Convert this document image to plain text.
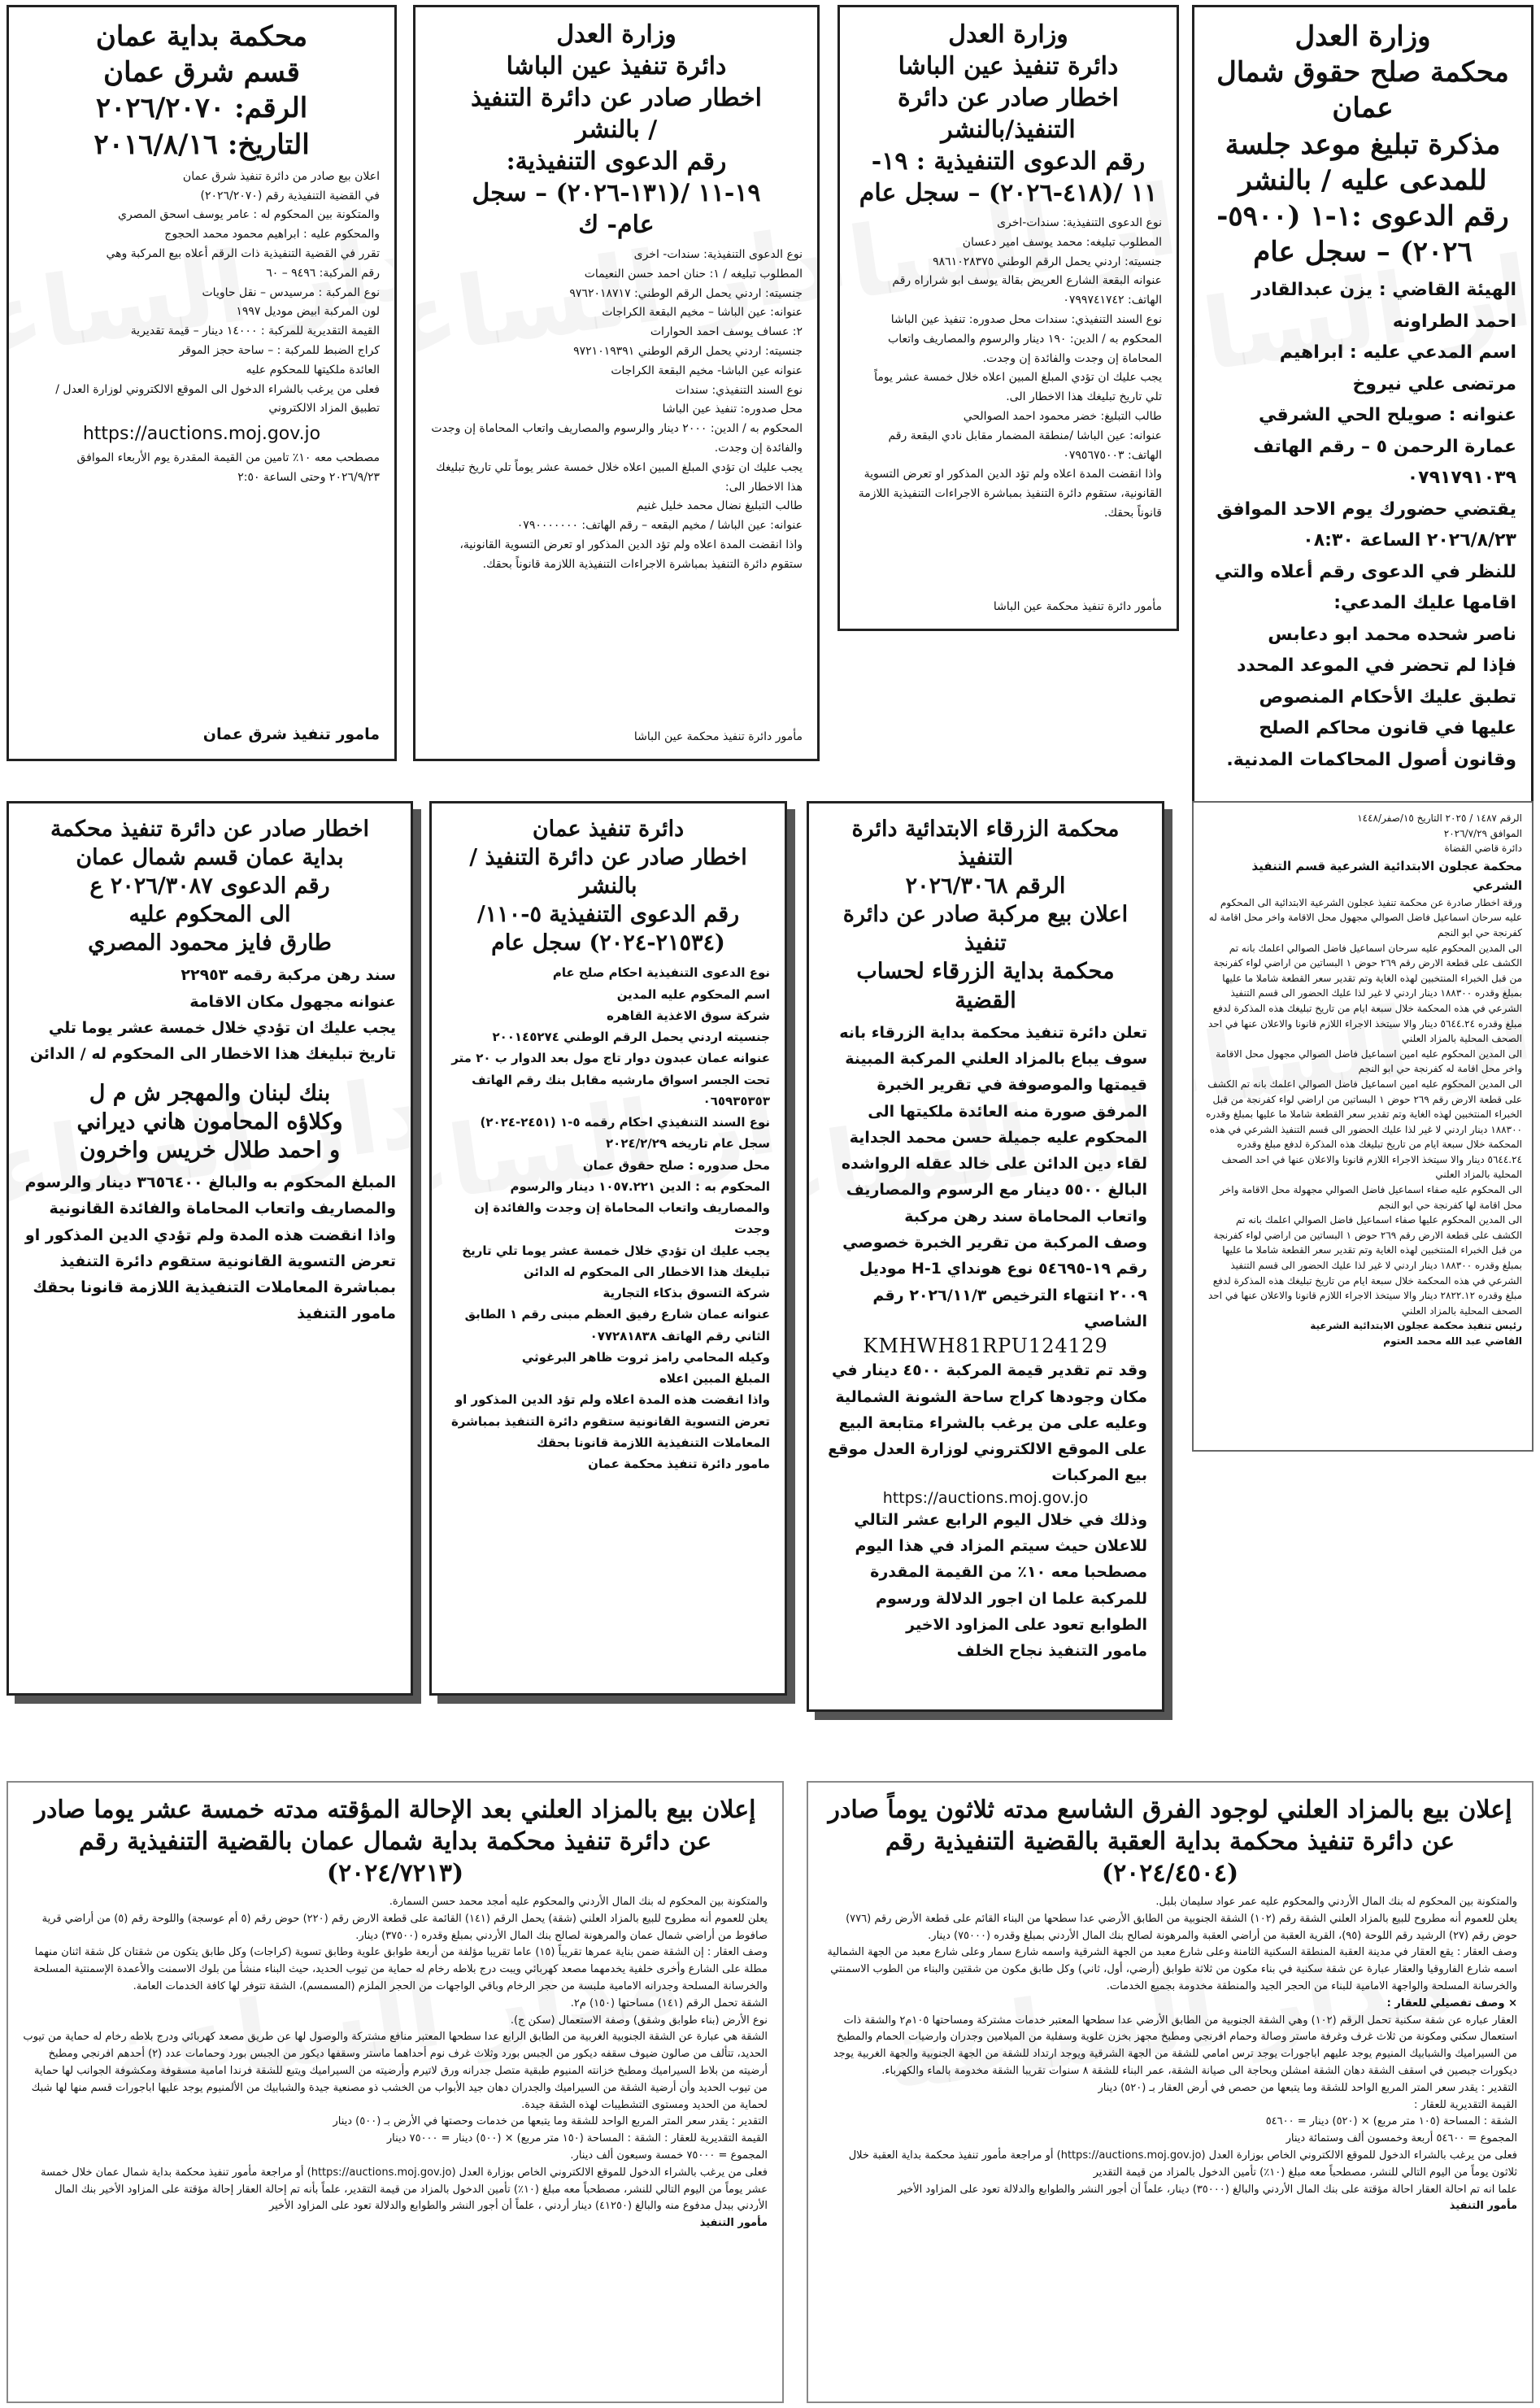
وزارة العدل
محكمة صلح حقوق شمال
عمان
مذكرة تبليغ موعد جلسة
للمدعى عليه / بالنشر
رقم الدعوى :١-١ (٥٩٠٠-
٢٠٢٦) – سجل عام

الهيئة القاضي : يزن عبدالقادر احمد الطراونه

اسم المدعي عليه : ابراهيم مرتضى علي نيروخ

عنوانه : صويلح الحي الشرقي عمارة الرحمن ٥ – رقم الهاتف ٠٧٩١٧٩١٠٣٩

يقتضي حضورك يوم الاحد الموافق ٢٠٢٦/٨/٢٣ الساعة ٠٨:٣٠

للنظر في الدعوى رقم أعلاه والتي اقامها عليك المدعي:

ناصر شحده محمد ابو دعابس

فإذا لم تحضر في الموعد المحدد تطبق عليك الأحكام المنصوص عليها في قانون محاكم الصلح وقانون أصول المحاكمات المدنية.

وزارة العدل
دائرة تنفيذ عين الباشا
اخطار صادر عن دائرة
التنفيذ/بالنشر
رقم الدعوى التنفيذية : ١٩-
١١ /(٤١٨-٢٠٢٦) – سجل عام

نوع الدعوى التنفيذية: سندات-اخرى

المطلوب تبليغه: محمد يوسف امير دعسان

جنسيته: اردني يحمل الرقم الوطني ٩٨٦١٠٢٨٣٧٥

عنوانه البقعة الشارع العريض بقالة يوسف ابو شراراه رقم الهاتف: ٠٧٩٩٧٤١٧٤٢

نوع السند التنفيذي: سندات محل صدوره: تنفيذ عين الباشا

المحكوم به / الدين: ١٩٠ دينار والرسوم والمصاريف واتعاب المحاماة إن وجدت والفائدة إن وجدت.

يجب عليك ان تؤدي المبلغ المبين اعلاه خلال خمسة عشر يوماً تلي تاريخ تبليغك هذا الاخطار الى.

طالب التبليغ: خضر محمود احمد الصوالحي

عنوانه: عين الباشا /منطقة المضمار مقابل نادي البقعة رقم الهاتف: ٠٧٩٥٦٧٥٠٠٣

واذا انقضت المدة اعلاه ولم تؤد الدين المذكور او تعرض التسوية القانونية، ستقوم دائرة التنفيذ بمباشرة الاجراءات التنفيذية اللازمة قانوناً بحقك.

مأمور دائرة تنفيذ محكمة عين الباشا

وزارة العدل
دائرة تنفيذ عين الباشا
اخطار صادر عن دائرة التنفيذ
/ بالنشر
رقم الدعوى التنفيذية:
١٩-١١ /(١٣١-٢٠٢٦) – سجل
عام- ك

نوع الدعوى التنفيذية: سندات- اخرى

المطلوب تبليغه / ١: حنان احمد حسن النعيمات

جنسيته: اردني يحمل الرقم الوطني: ٩٧٦٢٠١٨٧١٧

عنوانه: عين الباشا – مخيم البقعة الكراجات

٢: عساف يوسف احمد الحوارات

جنسيته: اردني يحمل الرقم الوطني ٩٧٢١٠١٩٣٩١

عنوانه عين الباشا- مخيم البقعة الكراجات

نوع السند التنفيذي: سندات

محل صدوره: تنفيذ عين الباشا

المحكوم به / الدين: ٢٠٠٠ دينار والرسوم والمصاريف واتعاب المحاماة إن وجدت والفائدة إن وجدت.

يجب عليك ان تؤدي المبلغ المبين اعلاه خلال خمسة عشر يوماً تلي تاريخ تبليغك هذا الاخطار الى:

طالب التبليغ نضال محمد خليل غنيم

عنوانه: عين الباشا / مخيم البقعه – رقم الهاتف: ٠٧٩٠٠٠٠٠٠٠

واذا انقضت المدة اعلاه ولم تؤد الدين المذكور او تعرض التسوية القانونية، ستقوم دائرة التنفيذ بمباشرة الاجراءات التنفيذية اللازمة قانوناً بحقك.

مأمور دائرة تنفيذ محكمة عين الباشا

محكمة بداية عمان
قسم شرق عمان
الرقم: ٢٠٢٦/٢٠٧٠
التاريخ: ٢٠١٦/٨/١٦

اعلان بيع صادر من دائرة تنفيذ شرق عمان

في القضية التنفيذية رقم (٢٠٢٦/٢٠٧٠)

والمتكونة بين المحكوم له : عامر يوسف اسحق المصري

والمحكوم عليه : ابراهيم محمود محمد الحجوج

تقرر في القضية التنفيذية ذات الرقم أعلاه بيع المركبة وهي

رقم المركبة: ٩٤٩٦ – ٦٠

نوع المركبة : مرسيدس – نقل حاويات

لون المركبة ابيض موديل ١٩٩٧

القيمة التقديرية للمركبة : ١٤٠٠٠ دينار – قيمة تقديرية

كراج الضبط للمركبة : – ساحة حجز الموقر

العائدة ملكيتها للمحكوم عليه

فعلى من يرغب بالشراء الدخول الى الموقع الالكتروني لوزارة العدل / تطبيق المزاد الالكتروني

https://auctions.moj.gov.jo

مصطحب معه ١٠٪ تامين من القيمة المقدرة يوم الأربعاء الموافق ٢٠٢٦/٩/٢٣ وحتى الساعة ٢:٥٠

مامور تنفيذ شرق عمان

الرقم ١٤٨٧ / ٢٠٢٥ التاريخ ١٥/صفر/١٤٤٨

الموافق ٢٠٢٦/٧/٢٩

دائرة قاضي القضاة

محكمة عجلون الابتدائية الشرعية قسم التنفيذ الشرعي

ورقة اخطار صادرة عن محكمة تنفيذ عجلون الشرعية الابتدائية الى المحكوم عليه سرحان اسماعيل فاضل الصوالي مجهول محل الاقامة واخر محل اقامة له كفرنجة حي ابو النجم

الى المدين المحكوم عليه سرحان اسماعيل فاضل الصوالي اعلمك بانه تم الكشف على قطعة الارض رقم ٢٦٩ حوض ١ البساتين من اراضي لواء كفرنجة من قبل الخبراء المنتخبين لهذه الغاية وتم تقدير سعر القطعة شاملا ما عليها بمبلغ وقدره ١٨٨٣٠٠ دينار اردني لا غير لذا عليك الحضور الى قسم التنفيذ الشرعي في هذه المحكمة خلال سبعة ايام من تاريخ تبليغك هذه المذكرة لدفع مبلغ وقدره ٥٦٤٤.٢٤ دينار والا سيتخذ الاجراء اللازم قانونا والاعلان عنها في احد الصحف المحلية بالمزاد العلني

الى المدين المحكوم عليه امين اسماعيل فاضل الصوالي مجهول محل الاقامة واخر محل اقامة له كفرنجة حي ابو النجم

الى المدين المحكوم عليه امين اسماعيل فاضل الصوالي اعلمك بانه تم الكشف على قطعة الارض رقم ٢٦٩ حوض ١ البساتين من اراضي لواء كفرنجة من قبل الخبراء المنتخبين لهذه الغاية وتم تقدير سعر القطعة شاملا ما عليها بمبلغ وقدره ١٨٨٣٠٠ دينار اردني لا غير لذا عليك الحضور الى قسم التنفيذ الشرعي في هذه المحكمة خلال سبعة ايام من تاريخ تبليغك هذه المذكرة لدفع مبلغ وقدره ٥٦٤٤.٢٤ دينار والا سيتخذ الاجراء اللازم قانونا والاعلان عنها في احد الصحف المحلية بالمزاد العلني

الى المحكوم عليه صفاء اسماعيل فاضل الصوالي مجهولة محل الاقامة واخر محل اقامة لها كفرنجة حي ابو النجم

الى المدين المحكوم عليها صفاء اسماعيل فاضل الصوالي اعلمك بانه تم الكشف على قطعة الارض رقم ٢٦٩ حوض ١ البساتين من اراضي لواء كفرنجة من قبل الخبراء المنتخبين لهذه الغاية وتم تقدير سعر القطعة شاملا ما عليها بمبلغ وقدره ١٨٨٣٠٠ دينار اردني لا غير لذا عليك الحضور الى قسم التنفيذ الشرعي في هذه المحكمة خلال سبعة ايام من تاريخ تبليغك هذه المذكرة لدفع مبلغ وقدره ٢٨٢٢.١٢ دينار والا سيتخذ الاجراء اللازم قانونا والاعلان عنها في احد الصحف المحلية بالمزاد العلني

رئيس تنفيذ محكمة عجلون الابتدائية الشرعية

القاضي عبد الله محمد العتوم

محكمة الزرقاء الابتدائية دائرة
التنفيذ
الرقم ٢٠٢٦/٣٠٦٨
اعلان بيع مركبة صادر عن دائرة تنفيذ
محكمة بداية الزرقاء لحساب القضية

تعلن دائرة تنفيذ محكمة بداية الزرقاء بانه سوف يباع بالمزاد العلني المركبة المبينة قيمتها والموصوفة في تقرير الخبرة المرفق صورة منه العائدة ملكيتها الى المحكوم عليه جميلة حسن محمد الجداية لقاء دين الدائن على خالد عقله الرواشده البالغ ٥٥٠٠ دينار مع الرسوم والمصاريف واتعاب المحاماة سند رهن مركبة

وصف المركبة من تقرير الخبرة خصوصي رقم ١٩-٥٤٦٩٥ نوع هونداي H-1 موديل ٢٠٠٩ انتهاء الترخيص ٢٠٢٦/١١/٣ رقم الشاصي

KMHWH81RPU124129

وقد تم تقدير قيمة المركبة ٤٥٠٠ دينار في مكان وجودها كراج ساحة الشونة الشمالية وعليه على من يرغب بالشراء متابعة البيع على الموقع الالكتروني لوزارة العدل موقع بيع المركبات

https://auctions.moj.gov.jo

وذلك في خلال اليوم الرابع عشر التالي للاعلان حيث سيتم المزاد في هذا اليوم مصطحبا معه ١٠٪ من القيمة المقدرة للمركبة علما ان اجور الدلالة ورسوم الطوابع تعود على المزاود الاخير

مامور التنفيذ نجاح الخلف

دائرة تنفيذ عمان
اخطار صادر عن دائرة التنفيذ / بالنشر
رقم الدعوى التنفيذية ٥-١١٠/
(٢١٥٣٤-٢٠٢٤) سجل عام

نوع الدعوى التنفيذية احكام صلح عام

اسم المحكوم عليه المدين

شركة سوق الاغذية القاهره

جنسيته اردني يحمل الرقم الوطني ٢٠٠١٤٥٢٧٤

عنوانه عمان عبدون دوار تاج مول بعد الدوار ب ٢٠ متر تحت الجسر اسواق مارشيه مقابل بنك رقم الهاتف ٠٦٥٩٣٥٣٥٣

نوع السند التنفيذي احكام رقمه ٥-١ (٢٤٥١-٢٠٢٤) سجل عام تاريخه ٢٠٢٤/٢/٢٩

محل صدوره : صلح حقوق عمان

المحكوم به : الدين ١٠٥٧.٢٢١ دينار والرسوم والمصاريف واتعاب المحاماة إن وجدت والفائدة إن وجدت

يجب عليك ان تؤدي خلال خمسة عشر يوما تلي تاريخ تبليغك هذا الاخطار الى المحكوم له الدائن

شركة التسوق بذكاء التجارية

عنوانه عمان شارع رفيق العظم مبنى رقم ١ الطابق الثاني رقم الهاتف ٠٧٧٢٨١٨٣٨

وكيله المحامي رامز ثروت ظاهر البرغوثي

المبلغ المبين اعلاه

واذا انقضت هذه المدة اعلاه ولم تؤد الدين المذكور او تعرض التسوية القانونية ستقوم دائرة التنفيذ بمباشرة المعاملات التنفيذية اللازمة قانونا بحقك

مامور دائرة تنفيذ محكمة عمان

اخطار صادر عن دائرة تنفيذ محكمة
بداية عمان قسم شمال عمان
رقم الدعوى ٢٠٢٦/٣٠٨٧ ع
الى المحكوم عليه
طارق فايز محمود المصري

سند رهن مركبة رقمه ٢٢٩٥٣

عنوانه مجهول مكان الاقامة

يجب عليك ان تؤدي خلال خمسة عشر يوما تلي تاريخ تبليغك هذا الاخطار الى المحكوم له / الدائن

بنك لبنان والمهجر ش م ل
وكلاؤه المحامون هاني ديراني
و احمد طلال خريس واخرون

المبلغ المحكوم به والبالغ ٣٦٥٦٤٠٠ دينار والرسوم والمصاريف واتعاب المحاماة والفائدة القانونية

واذا انقضت هذه المدة ولم تؤدي الدين المذكور او تعرض التسوية القانونية ستقوم دائرة التنفيذ بمباشرة المعاملات التنفيذية اللازمة قانونا بحقك

مامور التنفيذ

إعلان بيع بالمزاد العلني لوجود الفرق الشاسع مدته ثلاثون يوماً صادر عن دائرة تنفيذ محكمة بداية العقبة بالقضية التنفيذية رقم (٢٠٢٤/٤٥٠٤)

والمتكونة بين المحكوم له بنك المال الأردني والمحكوم عليه عمر عواد سليمان بلبل.

يعلن للعموم أنه مطروح للبيع بالمزاد العلني الشقة رقم (١٠٢) الشقة الجنوبية من الطابق الأرضي عدا سطحها من البناء القائم على قطعة الأرض رقم (٧٧٦) حوض رقم (٢٧) الرشيد رقم اللوحة (٩٥)، القرية العقبة من أراضي العقبة والمرهونة لصالح بنك المال الأردني بمبلغ وقدره (٧٥٠٠٠) دينار.

وصف العقار : يقع العقار في مدينة العقبة المنطقة السكنية الثامنة وعلى شارع معبد من الجهة الشرقية واسمه شارع سمار وعلى شارع معبد من الجهة الشمالية اسمه شارع الفاروقيا والعقار عبارة عن شقة سكنية في بناء مكون من ثلاثة طوابق (أرضي، أول، ثاني) وكل طابق مكون من شقتين والبناء من الطوب الاسمنتي والخرسانة المسلحة والواجهة الامامية للبناء من الحجر الجيد والمنطقة مخدومة بجميع الخدمات.

× وصف تفصيلي للعقار :

العقار عباره عن شقة سكنية تحمل الرقم (١٠٢) وهي الشقة الجنوبية من الطابق الأرضي عدا سطحها المعتبر خدمات مشتركة ومساحتها ١٠٥م٢ والشقة ذات استعمال سكني ومكونة من ثلاث غرف وغرفة ماستر وصالة وحمام افرنجي ومطبخ مجهز بخزن علوية وسفلية من الميلامين وجدران وارضيات الحمام والمطبخ من السيراميك والشبابيك المنيوم يوجد عليهم اباجورات يوجد ترس امامي للشقة من الجهة الشرقية ويوجد ارتداد للشقة من الجهة الجنوبية والجهة الغربية يوجد ديكورات جبصين في اسقف الشقة دهان الشقة امشلن وبحاجة الى صيانة الشقة، عمر البناء للشقة ٨ سنوات تقريبا الشقة مخدومة بالماء والكهرباء.

التقدير : يقدر سعر المتر المربع الواحد للشقة وما يتبعها من حصص في أرض العقار بـ (٥٢٠) دينار

القيمة التقديرية للعقار :

الشقة : المساحة (١٠٥ متر مربع) × (٥٢٠) دينار = ٥٤٦٠٠

المجموع = ٥٤٦٠٠ أربعة وخمسون ألف وستمائة دينار

فعلى من يرغب بالشراء الدخول للموقع الالكتروني الخاص بوزارة العدل (https://auctions.moj.gov.jo) أو مراجعة مأمور تنفيذ محكمة بداية العقبة خلال ثلاثون يوماً من اليوم التالي للنشر، مصطحباً معه مبلغ (١٠٪) تأمين الدخول بالمزاد من قيمة التقدير

علما انه تم احالة العقار احالة مؤقتة على بنك المال الأردني والبالغ (٣٥٠٠٠) دينار، علماً أن أجور النشر والطوابع والدلالة تعود على المزاود الأخير

مأمور التنفيذ

إعلان بيع بالمزاد العلني بعد الإحالة المؤقته مدته خمسة عشر يوما صادر عن دائرة تنفيذ محكمة بداية شمال عمان بالقضية التنفيذية رقم (٢٠٢٤/٧٢١٣)

والمتكونة بين المحكوم له بنك المال الأردني والمحكوم عليه أمجد محمد حسن السمارة.

يعلن للعموم أنه مطروح للبيع بالمزاد العلني (شقة) يحمل الرقم (١٤١) القائمة على قطعة الارض رقم (٢٢٠) حوض رقم (٥ أم عوسجة) واللوحة رقم (٥) من أراضي قرية صافوط من أراضي شمال عمان والمرهونة لصالح بنك المال الأردني بمبلغ وقدره (٣٧٥٠٠) دينار.

وصف العقار : إن الشقة ضمن بناية عمرها تقريباً (١٥) عاما تقريبا مؤلفة من أربعة طوابق علوية وطابق تسوية (كراجات) وكل طابق يتكون من شقتان كل شقة اثنان منهما مطلة على الشارع وأخرى خلفية يخدمهما مصعد كهربائي ويبت درج بلاطه رخام له حماية من تيوب الحديد، حيث البناء منشأ من بلوك الاسمنت والأعمدة الإسمنتية المسلحة والخرسانة المسلحة وجدرانه الامامية ملبسة من حجر الرخام وباقي الواجهات من الحجر الملزم (المسمسم)، الشقة تتوفر لها كافة الخدمات العامة.

الشقة تحمل الرقم (١٤١) مساحتها (١٥٠) م٢.

نوع الأرض (بناء طوابق وشقق) وصفة الاستعمال (سكن ج).

الشقة هي عبارة عن الشقة الجنوبية الغربية من الطابق الرابع عدا سطحها المعتبر منافع مشتركة والوصول لها عن طريق مصعد كهربائي ودرج بلاطه رخام له حماية من تيوب الحديد، تتألف من صالون ضيوف سقفه ديكور من الجبس بورد وثلاث غرف نوم أحداهما ماستر وسقفها ديكور من الجبس بورد وحمامات عدد (٢) أحدهم افرنجي ومطبخ أرضيته من بلاط السيراميك ومطبخ خزانته المنيوم طبقية متصل جدرانه ورق لاتيرم وأرضيته من السيراميك ويتبع للشقة فرندا امامية مسقوفة ومكشوفة الجوانب لها حماية من تيوب الحديد وأن أرضية الشقة من السيراميك والجدران دهان جيد الأبواب من الخشب ذو مصنعية جيدة والشبابيك من الألمنيوم يوجد عليها اباجورات قسم منها لها شبك لحماية من الحديد ومستوى التشطيبات لهذه الشقة جيدة.

التقدير : يقدر سعر المتر المربع الواحد للشقة وما يتبعها من خدمات وحصتها في الأرض بـ (٥٠٠) دينار

القيمة التقديرية للعقار : الشقة : المساحة (١٥٠ متر مربع) × (٥٠٠) دينار = ٧٥٠٠٠ دينار

المجموع = ٧٥٠٠٠ خمسة وسبعون ألف دينار.

فعلى من يرغب بالشراء الدخول للموقع الالكتروني الخاص بوزارة العدل (https://auctions.moj.gov.jo) أو مراجعة مأمور تنفيذ محكمة بداية شمال عمان خلال خمسة عشر يوماً من اليوم التالي للنشر، مصطحباً معه مبلغ (١٠٪) تأمين الدخول بالمزاد من قيمة التقدير، علماً بأنه تم إحالة العقار إحالة مؤقتة على المزاود الأخير بنك المال الأردني ببدل مدفوع منه والبالغ (٤١٢٥٠) دينار أردني ، علماً أن أجور النشر والطوابع والدلالة تعود على المزاود الأخير

مأمور التنفيذ
